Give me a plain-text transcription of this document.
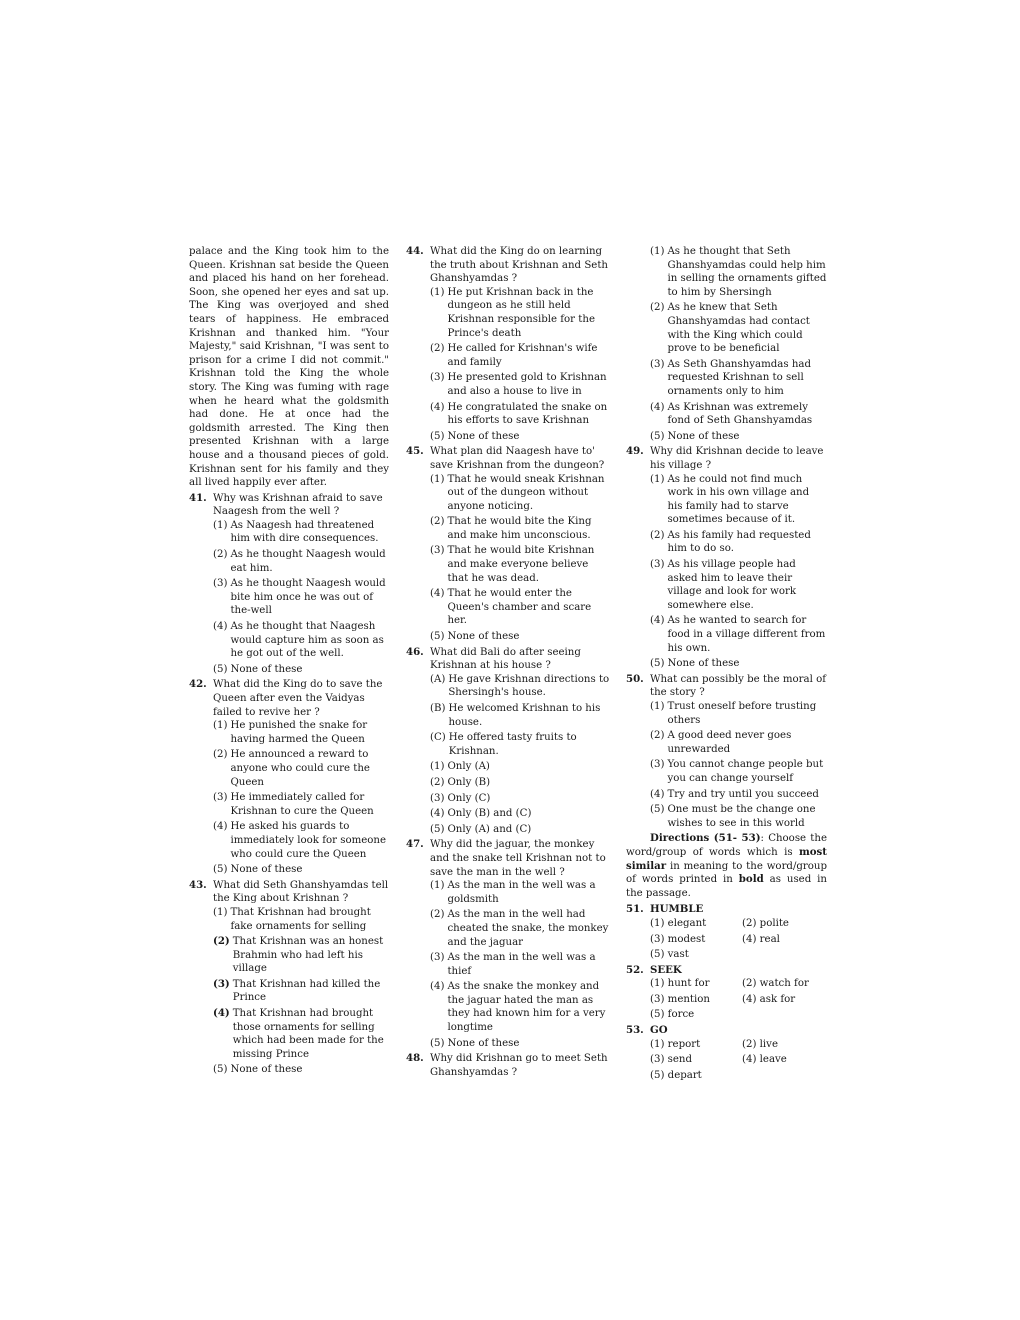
palace and the King took him to the Queen. Krishnan sat beside the Queen and placed his hand on her forehead. Soon, she opened her eyes and sat up. The King was overjoyed and shed tears of happiness. He embraced Krishnan and thanked him. "Your Majesty," said Krishnan, "I was sent to prison for a crime I did not commit." Krishnan told the King the whole story. The King was fuming with rage when he heard what the goldsmith had done. He at once had the goldsmith arrested. The King then presented Krishnan with a large house and a thousand pieces of gold. Krishnan sent for his family and they all lived happily ever after.

41. Why was Krishnan afraid to save Naagesh from the well ?
(1) As Naagesh had threatened him with dire consequences.
(2) As he thought Naagesh would eat him.
(3) As he thought Naagesh would bite him once he was out of the-well
(4) As he thought that Naagesh would capture him as soon as he got out of the well.
(5) None of these
42. What did the King do to save the Queen after even the Vaidyas failed to revive her ?
(1) He punished the snake for having harmed the Queen
(2) He announced a reward to anyone who could cure the Queen
(3) He immediately called for Krishnan to cure the Queen
(4) He asked his guards to immediately look for someone who could cure the Queen
(5) None of these
43. What did Seth Ghanshyamdas tell the King about Krishnan ?
(1) That Krishnan had brought fake ornaments for selling
(2) That Krishnan was an honest Brahmin who had left his village
(3) That Krishnan had killed the Prince
(4) That Krishnan had brought those ornaments for selling which had been made for the missing Prince
(5) None of these
44. What did the King do on learning the truth about Krishnan and Seth Ghanshyamdas ?
(1) He put Krishnan back in the dungeon as he still held Krishnan responsible for the Prince's death
(2) He called for Krishnan's wife and family
(3) He presented gold to Krishnan and also a house to live in
(4) He congratulated the snake on his efforts to save Krishnan
(5) None of these
45. What plan did Naagesh have to' save Krishnan from the dungeon?
(1) That he would sneak Krishnan out of the dungeon without anyone noticing.
(2) That he would bite the King and make him unconscious.
(3) That he would bite Krishnan and make everyone believe that he was dead.
(4) That he would enter the Queen's chamber and scare her.
(5) None of these
46. What did Bali do after seeing Krishnan at his house ?
(A) He gave Krishnan directions to Shersingh's house.
(B) He welcomed Krishnan to his house.
(C) He offered tasty fruits to Krishnan.
(1) Only (A)
(2) Only (B)
(3) Only (C)
(4) Only (B) and (C)
(5) Only (A) and (C)
47. Why did the jaguar, the monkey and the snake tell Krishnan not to save the man in the well ?
(1) As the man in the well was a goldsmith
(2) As the man in the well had cheated the snake, the monkey and the jaguar
(3) As the man in the well was a thief
(4) As the snake the monkey and the jaguar hated the man as they had known him for a very longtime
(5) None of these
48. Why did Krishnan go to meet Seth Ghanshyamdas ?
(1) As he thought that Seth Ghanshyamdas could help him in selling the ornaments gifted to him by Shersingh
(2) As he knew that Seth Ghanshyamdas had contact with the King which could prove to be beneficial
(3) As Seth Ghanshyamdas had requested Krishnan to sell ornaments only to him
(4) As Krishnan was extremely fond of Seth Ghanshyamdas
(5) None of these
49. Why did Krishnan decide to leave his village ?
(1) As he could not find much work in his own village and his family had to starve sometimes because of it.
(2) As his family had requested him to do so.
(3) As his village people had asked him to leave their village and look for work somewhere else.
(4) As he wanted to search for food in a village different from his own.
(5) None of these
50. What can possibly be the moral of the story ?
(1) Trust oneself before trusting others
(2) A good deed never goes unrewarded
(3) You cannot change people but you can change yourself
(4) Try and try until you succeed
(5) One must be the change one wishes to see in this world

Directions (51- 53): Choose the word/group of words which is most similar in meaning to the word/group of words printed in bold as used in the passage.

51. HUMBLE
(1) elegant	(2) polite
(3) modest	(4) real
(5) vast
52. SEEK
(1) hunt for	(2) watch for
(3) mention	(4) ask for
(5) force
53. GO
(1) report	(2) live
(3) send	(4) leave
(5) depart
